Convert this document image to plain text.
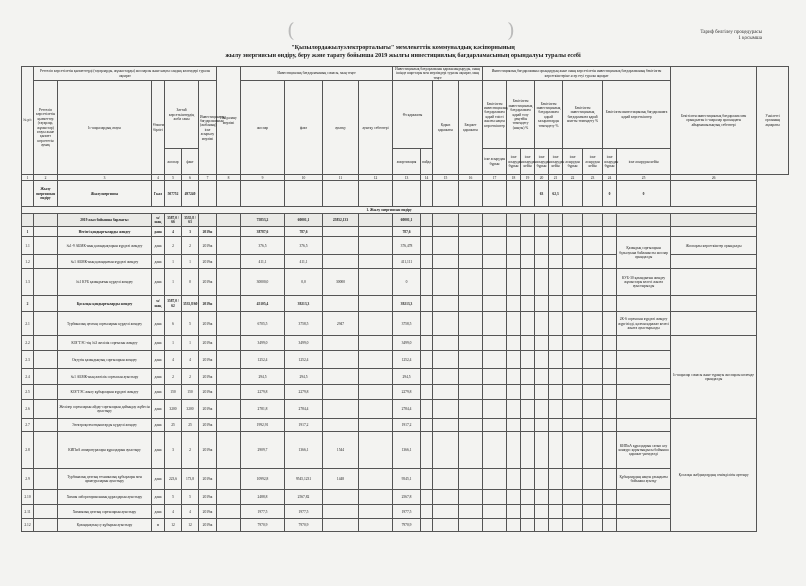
(	)	Тариф белгілеу процедурасы
1 қосымша
"Қызылордажылуэлектрорталығы" мемлекеттік коммуналдық кәсіпорнының
жылу энергиясын өндіру, беру және тарату бойынша 2019 жылғы инвестициялық бағдарламасының орындалуы туралы есебі
№ р/с	Реттеліп көрсетілетін қызметтерді (тауарларды, жұмыстарды) жоспарлы және нақты сандық көлемдері туралы ақпарат						Пайдалану мерзімі	Инвестициялық бағдарламаның сомасы, мың теңге				Инвестициялық бағдарламаны қаржыландыруды, оның ішінде шарттары мен мерзімдері туралы ақпарат, мың теңге				Инвестициялық бағдарламаны орындаудың және оның көрсетілетін инвестициялық бағдарламаның бекітілген көрсеткіштеріне әсер етуі туралы ақпарат									Бекітілген инвестициялық бағдарлама мен орындалған іс-шаралар арасындағы айырмашылықтың себептері	Уәкілетті органның ақпараты
	Реттеліп көрсетілетін қызметтер (тауарлар, жұмыстар) атауы және қызмет көрсететін аумақ	Іс-шаралардың атауы	Өлшем бірлігі	Заттай көрсеткіштердің жоба саны		Инвестициялық бағдарламаның (жобаның) іске асырылу мерзімі		жоспар	факт	ауытқу	ауытқу себептері	Өз қаражаты		Қарыз қаражаты	Бюджет қаражаты	Бекітілген инвестициялық бағдарламаға қарай тиісті жылғы нақты көрсеткіштер	Бекітілген инвестициялық бағдарламаға қарай тозу деңгейін төмендету (нақты) %		Бекітілген инвестициялық бағдарламаға қарай ысыраптарды төмендету %		Бекітілген инвестициялық бағдарламаға қарай апатты төмендету %		Бекітілген инвестициялық бағдарламаға қарай көрсеткіштер			
				жоспар	факт							амортизация	пайда			іске асырудан бұрын	іске асырудан бұрын	іске асырудан кейін	іске асырудан бұрын	іске асырудан кейін	іске асырудан бұрын	іске асырудан кейін	іске асырудан бұрын	іске асырудан кейін		
1	2	3	4	5	6	7	8	9	10	11	12	13	14	15	16	17	18	19	20	21	22	23	24	25	26	
	Жылу энергиясын өндіру	Жылуэнергиясы	Гкал	507752	497240														63	62,3			0	0		
1. Жылу энергиясын өндіру																										
		2019 жыл бойынша барлығы:	м/шақ	3587,0 / 66	3535,8 / 63			75853,2	60001,1	25852,133		60001,1														
1		Негізгі қондырғыларды жөндеу	дана	4	3	2019ж		38787,6	787,6			787,6														
1.1		№1-9 АБМК-ның қазандықтарын күрделі жөндеу	дана	2	2	2019ж		376,5	376,5			376,478												Қазандық сорғыларын бұзылуына байланысты жоспар орындалды	Жоспарлы көрсеткіштер орындалды	
1.2		№1 АБМК-ның қазандығын күрделі жөндеу	дана	1	1	2019ж		411,1	411,1			411,111														
1.3		№1 КУБ қазандығын күрделі жөндеу	дана	1	0	2019ж		30000,0	0,0	30000		0												КУБ-30 қазандығын жөндеу жұмыстары келесі жылға ауыстырылды		
2		Қосалқы қондырғыларды жөндеу	м/шақ	3587,0 / 62	3535,8/60	2019ж		45105,4	39213,3			39213,3														
2.1		Турбиналық цехтың сорғыларын күрделі жөндеу	дана	6	5	2019ж		6705,5	3758,5	2947		3758,5												2К-6 сорғысын күрделі жөндеу жүргізілді, қалған қаражат келесі жылға ауыстырылды		
2.2		КОГТЭС-тің №3 желілік сорғысын жөндеу	дана	1	1	2019ж		3499,0	3499,0			3499,0													Іс-шаралар сомасы және тұрақты жоспарлы көлемде орындалды	
2.3		Оқтүгін қазандықтың сорғыларын жөндеу	дана	4	4	2019ж		1252,4	1252,4			1252,4														
2.4		№1 АБМК-ның желілік сорғысын ауыстыру	дана	2	2	2019ж		294,5	294,5			294,5														
2.5		КОГТЭС жылу құбырларын күрделі жөндеу	дана	150	150	2019ж		2279,8	2279,8			2279,8														
2.6		Желілер сорғыларын айдау-сорғыларын дайындау жүйесін ауыстыру	дана	3200	3200	2019ж		2781,8	2784,4			2784,4														
2.7		Электроқозғалтқыштарды күрделі жөндеу	дана	25	25	2019ж		1992,91	1917,2			1917,2													Қосалқы жабдықтардың сенімділігін арттыру	
2.8		КИПиА аппаратуралары құралдарын ауыстыру	дана	3	2	2019ж		2909,7	1366,1	1544		1366,1												КИПиА құралдарын сатып алу конкурс қорытындысы бойынша қаражат үнемделді		
2.9		Турбиналық цехтың техникалық құбырлары мен арматураларын ауыстыру	дана	223,6	173,8	2019ж		10992,8	9545,1231	1448		9545,1												Құбырлардың нақты ұзындығы бойынша ауытқу		
2.10		Химия лабораториясының құралдарын ауыстыру	дана	5	5	2019ж		2488,8	2567,82			2567,8														
2.11		Химиялық цехтың сорғыларын ауыстыру	дана	4	4	2019ж		1977,5	1977,5			1977,5														
2.12		Қазандықтың су құбырын ауыстыру	м	12	12	2019ж		7970,9	7970,9			7970,9														
